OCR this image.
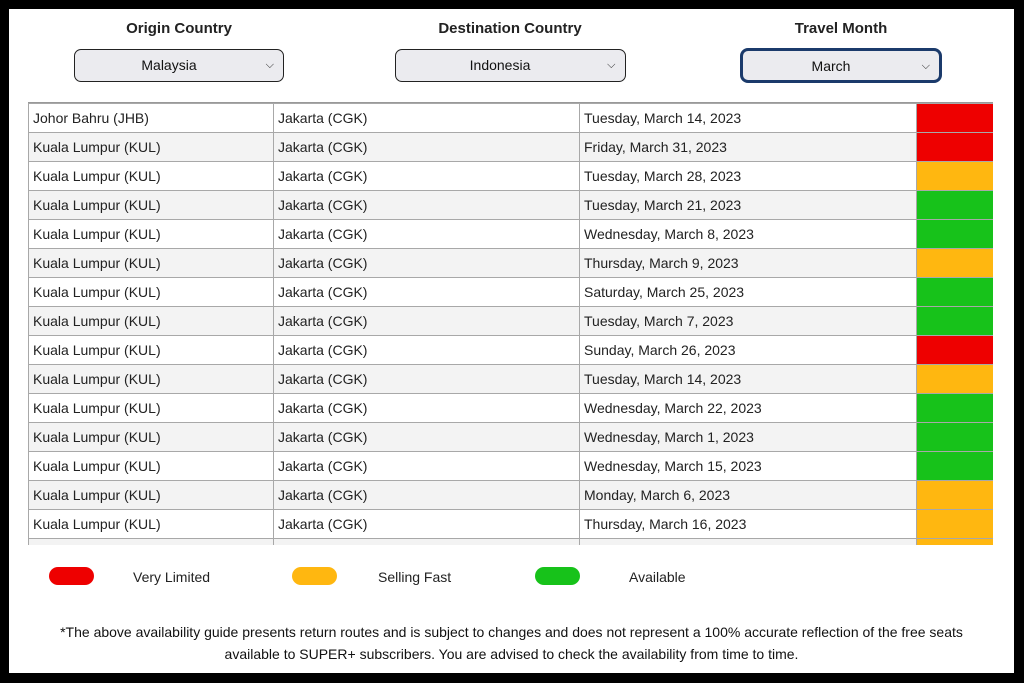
Origin Country
Malaysia	⌵
Destination Country
Indonesia	⌵
Travel Month
March	⌵
Johor Bahru (JHB)	Jakarta (CGK)	Tuesday, March 14, 2023	
Kuala Lumpur (KUL)	Jakarta (CGK)	Friday, March 31, 2023	
Kuala Lumpur (KUL)	Jakarta (CGK)	Tuesday, March 28, 2023	
Kuala Lumpur (KUL)	Jakarta (CGK)	Tuesday, March 21, 2023	
Kuala Lumpur (KUL)	Jakarta (CGK)	Wednesday, March 8, 2023	
Kuala Lumpur (KUL)	Jakarta (CGK)	Thursday, March 9, 2023	
Kuala Lumpur (KUL)	Jakarta (CGK)	Saturday, March 25, 2023	
Kuala Lumpur (KUL)	Jakarta (CGK)	Tuesday, March 7, 2023	
Kuala Lumpur (KUL)	Jakarta (CGK)	Sunday, March 26, 2023	
Kuala Lumpur (KUL)	Jakarta (CGK)	Tuesday, March 14, 2023	
Kuala Lumpur (KUL)	Jakarta (CGK)	Wednesday, March 22, 2023	
Kuala Lumpur (KUL)	Jakarta (CGK)	Wednesday, March 1, 2023	
Kuala Lumpur (KUL)	Jakarta (CGK)	Wednesday, March 15, 2023	
Kuala Lumpur (KUL)	Jakarta (CGK)	Monday, March 6, 2023	
Kuala Lumpur (KUL)	Jakarta (CGK)	Thursday, March 16, 2023	

Very Limited	Selling Fast	Available
*The above availability guide presents return routes and is subject to changes and does not represent a 100% accurate reflection of the free seats available to SUPER+ subscribers. You are advised to check the availability from time to time.
